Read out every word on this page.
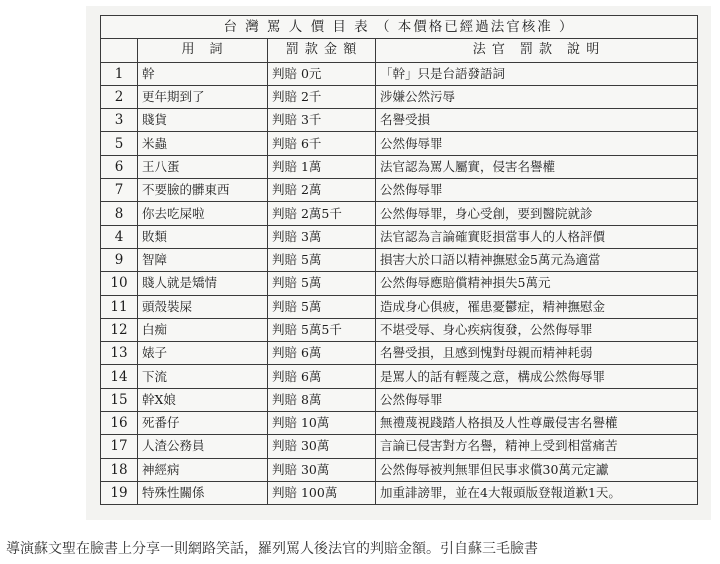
台 灣 罵 人 價 目 表 （ 本價格已經過法官核准 ）			
	用　詞	罰 款 金 額	法 官　罰 款　說 明
1	幹	判賠 0元	「幹」只是台語發語詞
2	更年期到了	判賠 2千	涉嫌公然污辱
3	賤貨	判賠 3千	名譽受損
5	米蟲	判賠 6千	公然侮辱罪
6	王八蛋	判賠 1萬	法官認為罵人屬實，侵害名譽權
7	不要臉的髒東西	判賠 2萬	公然侮辱罪
8	你去吃屎啦	判賠 2萬5千	公然侮辱罪，身心受創，要到醫院就診
4	敗類	判賠 3萬	法官認為言論確實貶損當事人的人格評價
9	智障	判賠 5萬	損害大於口語以精神撫慰金5萬元為適當
10	賤人就是矯情	判賠 5萬	公然侮辱應賠償精神損失5萬元
11	頭殼裝屎	判賠 5萬	造成身心俱疲，罹患憂鬱症，精神撫慰金
12	白痴	判賠 5萬5千	不堪受辱、身心疾病復發，公然侮辱罪
13	婊子	判賠 6萬	名譽受損，且感到愧對母親而精神耗弱
14	下流	判賠 6萬	是罵人的話有輕蔑之意，構成公然侮辱罪
15	幹X娘	判賠 8萬	公然侮辱罪
16	死番仔	判賠 10萬	無禮蔑視踐踏人格損及人性尊嚴侵害名譽權
17	人渣公務員	判賠 30萬	言論已侵害對方名譽，精神上受到相當痛苦
18	神經病	判賠 30萬	公然侮辱被判無罪但民事求償30萬元定讞
19	特殊性關係	判賠 100萬	加重誹謗罪，並在4大報頭版登報道歉1天。
導演蘇文聖在臉書上分享一則網路笑話，羅列罵人後法官的判賠金額。引自蘇三毛臉書
